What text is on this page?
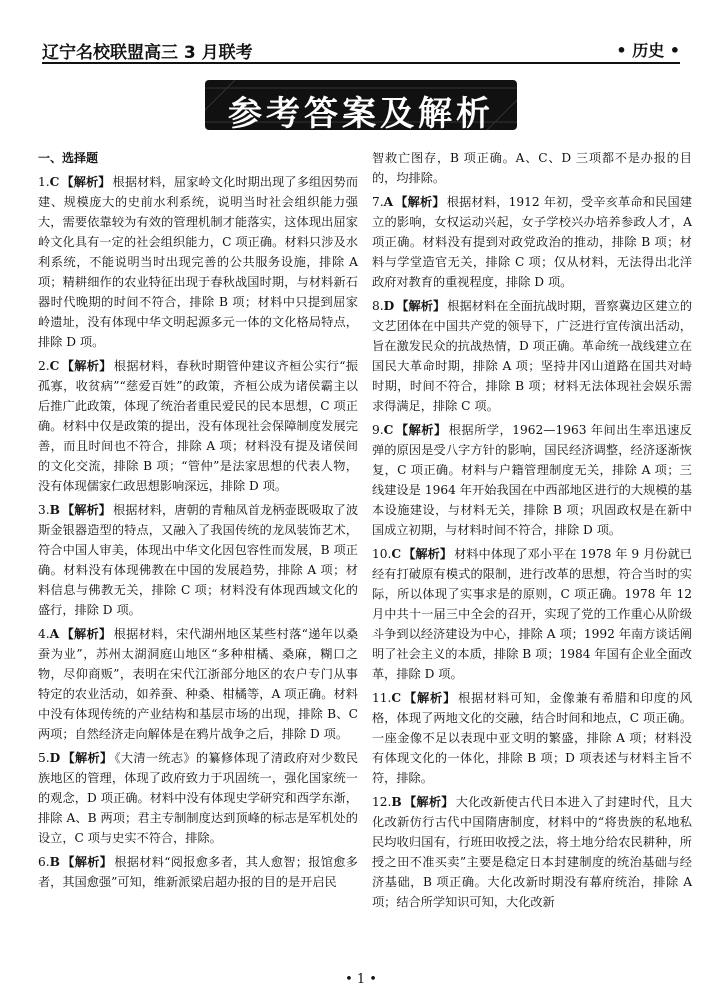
辽宁名校联盟高三 3 月联考	• 历史 •
参考答案及解析
一、选择题
1.C 【解析】 根据材料，屈家岭文化时期出现了多组因势而建、规模庞大的史前水利系统，说明当时社会组织能力强大，需要依靠较为有效的管理机制才能落实，这体现出屈家岭文化具有一定的社会组织能力，C 项正确。材料只涉及水利系统，不能说明当时出现完善的公共服务设施，排除 A 项；精耕细作的农业特征出现于春秋战国时期，与材料新石器时代晚期的时间不符合，排除 B 项；材料中只提到屈家岭遗址，没有体现中华文明起源多元一体的文化格局特点，排除 D 项。
2.C 【解析】 根据材料，春秋时期管仲建议齐桓公实行“振孤寡，收贫病”“慈爱百姓”的政策，齐桓公成为诸侯霸主以后推广此政策，体现了统治者重民爱民的民本思想，C 项正确。材料中仅是政策的提出，没有体现社会保障制度发展完善，而且时间也不符合，排除 A 项；材料没有提及诸侯间的文化交流，排除 B 项；“管仲”是法家思想的代表人物，没有体现儒家仁政思想影响深远，排除 D 项。
3.B 【解析】 根据材料，唐朝的青釉凤首龙柄壶既吸取了波斯金银器造型的特点，又融入了我国传统的龙凤装饰艺术，符合中国人审美，体现出中华文化因包容性而发展，B 项正确。材料没有体现佛教在中国的发展趋势，排除 A 项；材料信息与佛教无关，排除 C 项；材料没有体现西域文化的盛行，排除 D 项。
4.A 【解析】 根据材料，宋代湖州地区某些村落“递年以桑蚕为业”，苏州太湖洞庭山地区“多种柑橘、桑麻，糊口之物，尽仰商贩”，表明在宋代江浙部分地区的农户专门从事特定的农业活动，如养蚕、种桑、柑橘等，A 项正确。材料中没有体现传统的产业结构和基层市场的出现，排除 B、C 两项；自然经济走向解体是在鸦片战争之后，排除 D 项。
5.D 【解析】 《大清一统志》的纂修体现了清政府对少数民族地区的管理，体现了政府致力于巩固统一，强化国家统一的观念，D 项正确。材料中没有体现史学研究和西学东渐，排除 A、B 两项；君主专制制度达到顶峰的标志是军机处的设立，C 项与史实不符合，排除。
6.B 【解析】 根据材料“阅报愈多者，其人愈智；报馆愈多者，其国愈强”可知，维新派梁启超办报的目的是开启民
智救亡图存，B 项正确。A、C、D 三项都不是办报的目的，均排除。
7.A 【解析】 根据材料，1912 年初，受辛亥革命和民国建立的影响，女权运动兴起，女子学校兴办培养参政人才，A 项正确。材料没有提到对政党政治的推动，排除 B 项；材料与学堂造官无关，排除 C 项；仅从材料，无法得出北洋政府对教育的重视程度，排除 D 项。
8.D 【解析】 根据材料在全面抗战时期，晋察冀边区建立的文艺团体在中国共产党的领导下，广泛进行宣传演出活动，旨在激发民众的抗战热情，D 项正确。革命统一战线建立在国民大革命时期，排除 A 项；坚持井冈山道路在国共对峙时期，时间不符合，排除 B 项；材料无法体现社会娱乐需求得满足，排除 C 项。
9.C 【解析】 根据所学，1962—1963 年间出生率迅速反弹的原因是受八字方针的影响，国民经济调整，经济逐渐恢复，C 项正确。材料与户籍管理制度无关，排除 A 项；三线建设是 1964 年开始我国在中西部地区进行的大规模的基本设施建设，与材料无关，排除 B 项；巩固政权是在新中国成立初期，与材料时间不符合，排除 D 项。
10.C 【解析】 材料中体现了邓小平在 1978 年 9 月份就已经有打破原有模式的限制，进行改革的思想，符合当时的实际，所以体现了实事求是的原则，C 项正确。1978 年 12 月中共十一届三中全会的召开，实现了党的工作重心从阶级斗争到以经济建设为中心，排除 A 项；1992 年南方谈话阐明了社会主义的本质，排除 B 项；1984 年国有企业全面改革，排除 D 项。
11.C 【解析】 根据材料可知，金像兼有希腊和印度的风格，体现了两地文化的交融，结合时间和地点，C 项正确。一座金像不足以表现中亚文明的繁盛，排除 A 项；材料没有体现文化的一体化，排除 B 项；D 项表述与材料主旨不符，排除。
12.B 【解析】 大化改新使古代日本进入了封建时代，且大化改新仿行古代中国隋唐制度，材料中的“将贵族的私地私民均收归国有，行班田收授之法，将土地分给农民耕种，所授之田不准买卖”主要是稳定日本封建制度的统治基础与经济基础，B 项正确。大化改新时期没有幕府统治，排除 A 项；结合所学知识可知，大化改新
• 1 •
